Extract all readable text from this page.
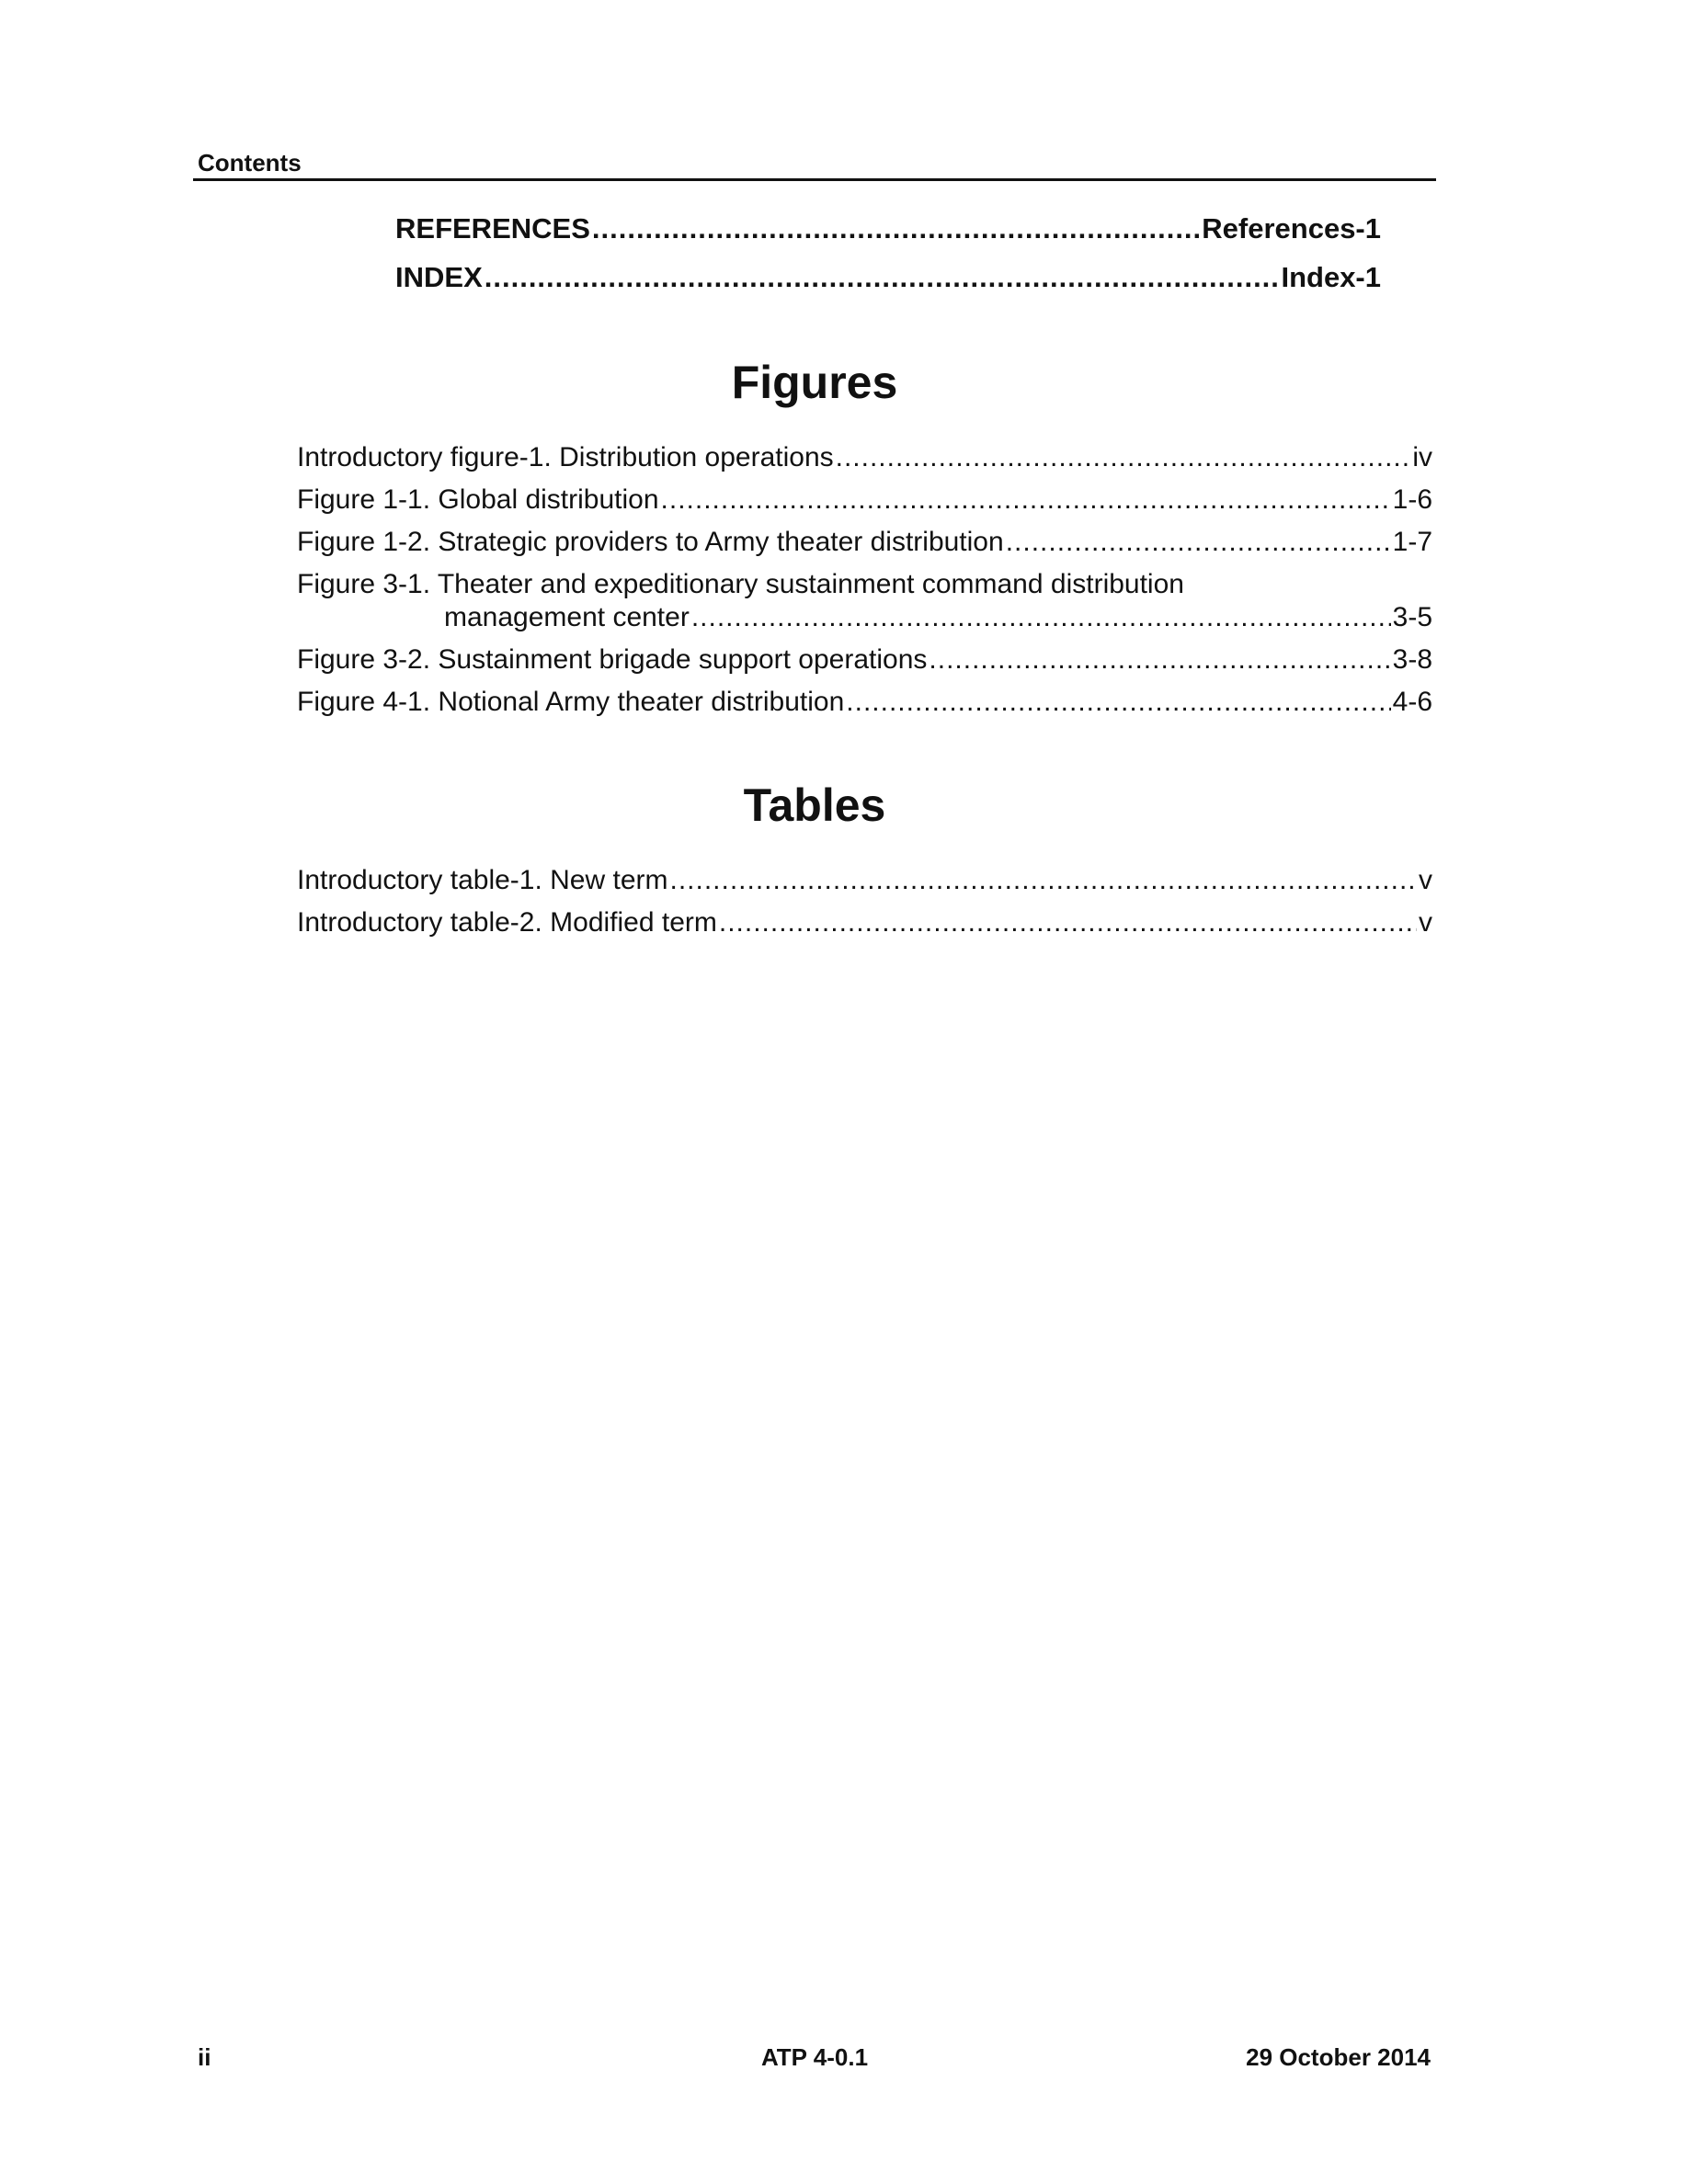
Contents
REFERENCES .....	References-1
INDEX .....	Index-1
Figures
Introductory figure-1. Distribution operations .....	iv
Figure 1-1. Global distribution .....	1-6
Figure 1-2. Strategic providers to Army theater distribution .....	1-7
Figure 3-1. Theater and expeditionary sustainment command distribution
management center .....	3-5
Figure 3-2. Sustainment brigade support operations .....	3-8
Figure 4-1. Notional Army theater distribution .....	4-6
Tables
Introductory table-1. New term .....	v
Introductory table-2. Modified term .....	v
ii	ATP 4-0.1	29 October 2014
